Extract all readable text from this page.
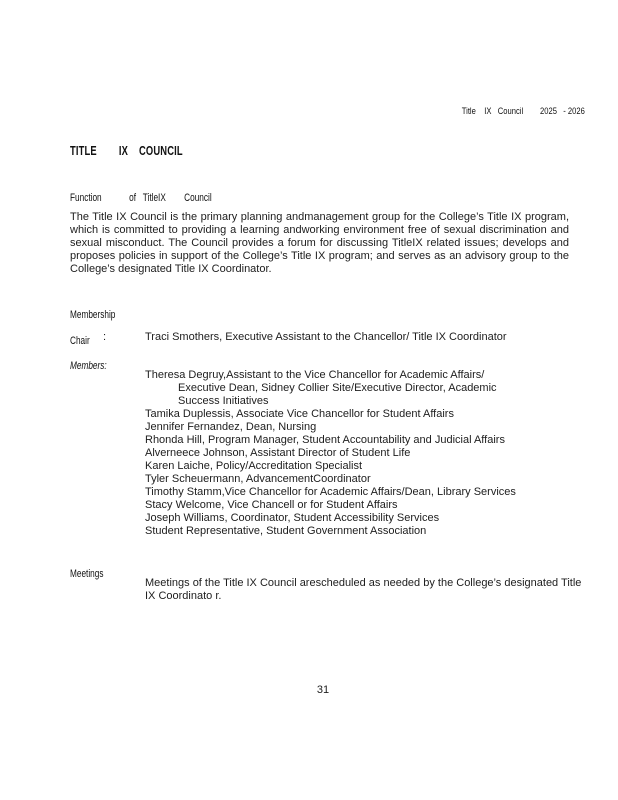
Title    IX   Council        2025   - 2026
TITLE        IX    COUNCIL
Function            of   TitleIX        Council
The Title IX Council is the primary planning andmanagement group for the College’s Title IX program, which is committed to providing a learning andworking environment free of sexual discrimination and sexual misconduct. The Council provides a forum for discussing TitleIX related issues; develops and proposes policies in support of the College’s Title IX program; and serves as an advisory group to the College’s designated Title IX Coordinator.
Membership
Chair	:	Traci Smothers, Executive Assistant to the Chancellor/ Title IX Coordinator
Members:
Theresa Degruy,Assistant to the Vice Chancellor for Academic Affairs/
Executive Dean, Sidney Collier Site/Executive Director, Academic
Success Initiatives
Tamika Duplessis, Associate Vice Chancellor for Student Affairs
Jennifer Fernandez, Dean, Nursing
Rhonda Hill, Program Manager, Student Accountability and Judicial Affairs
Alverneece Johnson, Assistant Director of Student Life
Karen Laiche, Policy/Accreditation Specialist
Tyler Scheuermann, AdvancementCoordinator
Timothy Stamm,Vice Chancellor for Academic Affairs/Dean, Library Services
Stacy Welcome, Vice Chancell or for Student Affairs
Joseph Williams, Coordinator, Student Accessibility Services
Student Representative, Student Government Association
Meetings
Meetings of the Title IX Council arescheduled as needed by the College’s designated Title IX Coordinato r.
31
